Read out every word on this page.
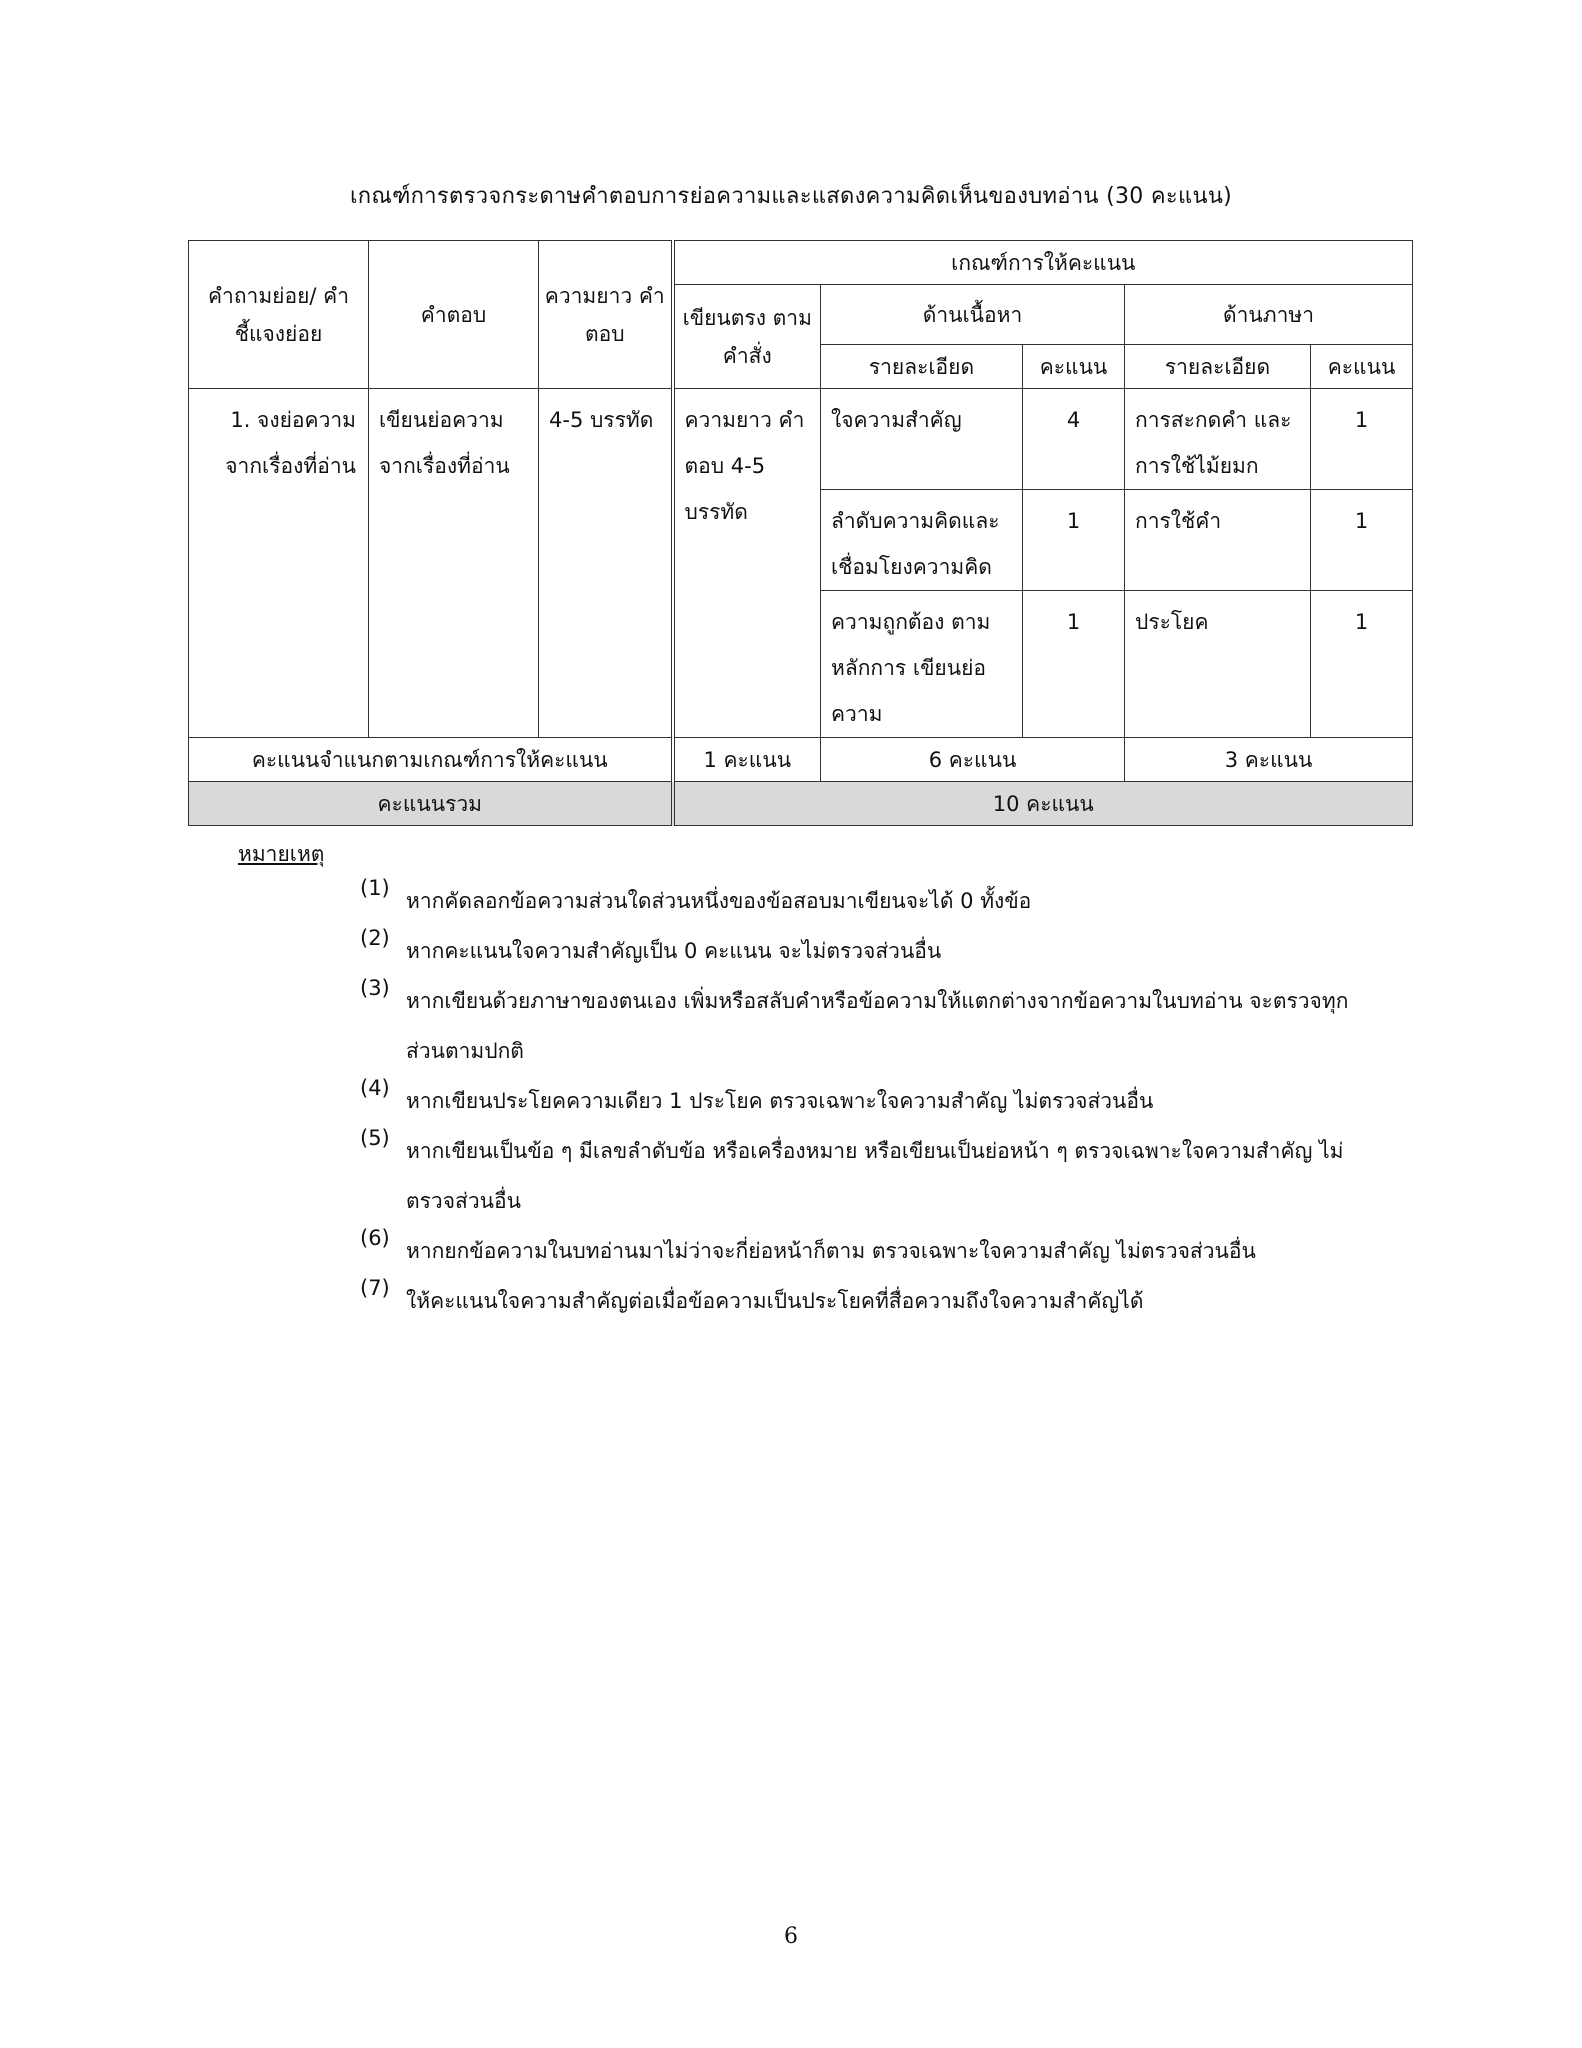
เกณฑ์การตรวจกระดาษคำตอบการย่อความและแสดงความคิดเห็นของบทอ่าน (30 คะแนน)
คำถามย่อย/ คำชี้แจงย่อย	คำตอบ	ความยาว คำตอบ	เกณฑ์การให้คะแนน				
			เขียนตรง ตามคำสั่ง	ด้านเนื้อหา		ด้านภาษา	
				รายละเอียด	คะแนน	รายละเอียด	คะแนน
1. จงย่อความ จากเรื่องที่อ่าน	เขียนย่อความ จากเรื่องที่อ่าน	4-5 บรรทัด	ความยาว คำตอบ 4-5 บรรทัด	ใจความสำคัญ	4	การสะกดคำ และการใช้ไม้ยมก	1
				ลำดับความคิดและ เชื่อมโยงความคิด	1	การใช้คำ	1
				ความถูกต้อง ตามหลักการ เขียนย่อความ	1	ประโยค	1
คะแนนจำแนกตามเกณฑ์การให้คะแนน			1 คะแนน	6 คะแนน		3 คะแนน	
คะแนนรวม			10 คะแนน				
หมายเหตุ
(1)
หากคัดลอกข้อความส่วนใดส่วนหนึ่งของข้อสอบมาเขียนจะได้ 0 ทั้งข้อ
(2)
หากคะแนนใจความสำคัญเป็น 0 คะแนน จะไม่ตรวจส่วนอื่น
(3)
หากเขียนด้วยภาษาของตนเอง เพิ่มหรือสลับคำหรือข้อความให้แตกต่างจากข้อความในบทอ่าน จะตรวจทุกส่วนตามปกติ
(4)
หากเขียนประโยคความเดียว 1 ประโยค ตรวจเฉพาะใจความสำคัญ ไม่ตรวจส่วนอื่น
(5)
หากเขียนเป็นข้อ ๆ มีเลขลำดับข้อ หรือเครื่องหมาย หรือเขียนเป็นย่อหน้า ๆ ตรวจเฉพาะใจความสำคัญ ไม่ตรวจส่วนอื่น
(6)
หากยกข้อความในบทอ่านมาไม่ว่าจะกี่ย่อหน้าก็ตาม ตรวจเฉพาะใจความสำคัญ ไม่ตรวจส่วนอื่น
(7)
ให้คะแนนใจความสำคัญต่อเมื่อข้อความเป็นประโยคที่สื่อความถึงใจความสำคัญได้
6
